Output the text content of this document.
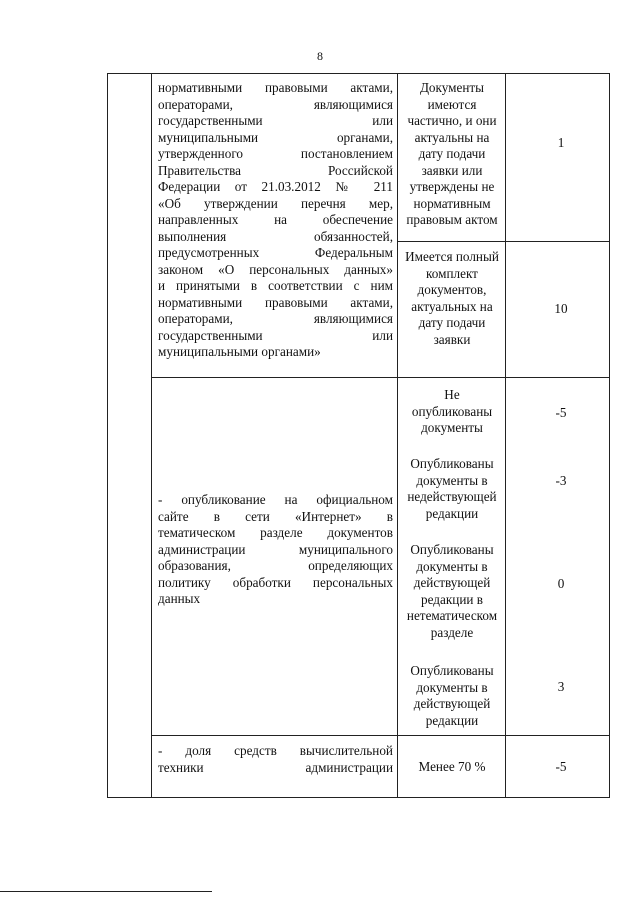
8
нормативными правовыми актами,
операторами, являющимися
государственными или
муниципальными органами,
утвержденного постановлением
Правительства Российской
Федерации от 21.03.2012 № 211
«Об утверждении перечня мер,
направленных на обеспечение
выполнения обязанностей,
предусмотренных Федеральным
законом «О персональных данных»
и принятыми в соответствии с ним
нормативными правовыми актами,
операторами, являющимися
государственными или
муниципальными органами»
Документы имеются частично, и они актуальны на дату подачи заявки или утверждены не нормативным правовым актом
1
Имеется полный комплект документов, актуальных на дату подачи заявки
10
- опубликование на официальном
сайте в сети «Интернет» в
тематическом разделе документов
администрации муниципального
образования, определяющих
политику обработки персональных
данных
Не опубликованы документы
-5
Опубликованы документы в недействующей редакции
-3
Опубликованы документы в действующей редакции в нетематическом разделе
0
Опубликованы документы в действующей редакции
3
- доля средств вычислительной
техники администрации	Менее 70 %	-5
